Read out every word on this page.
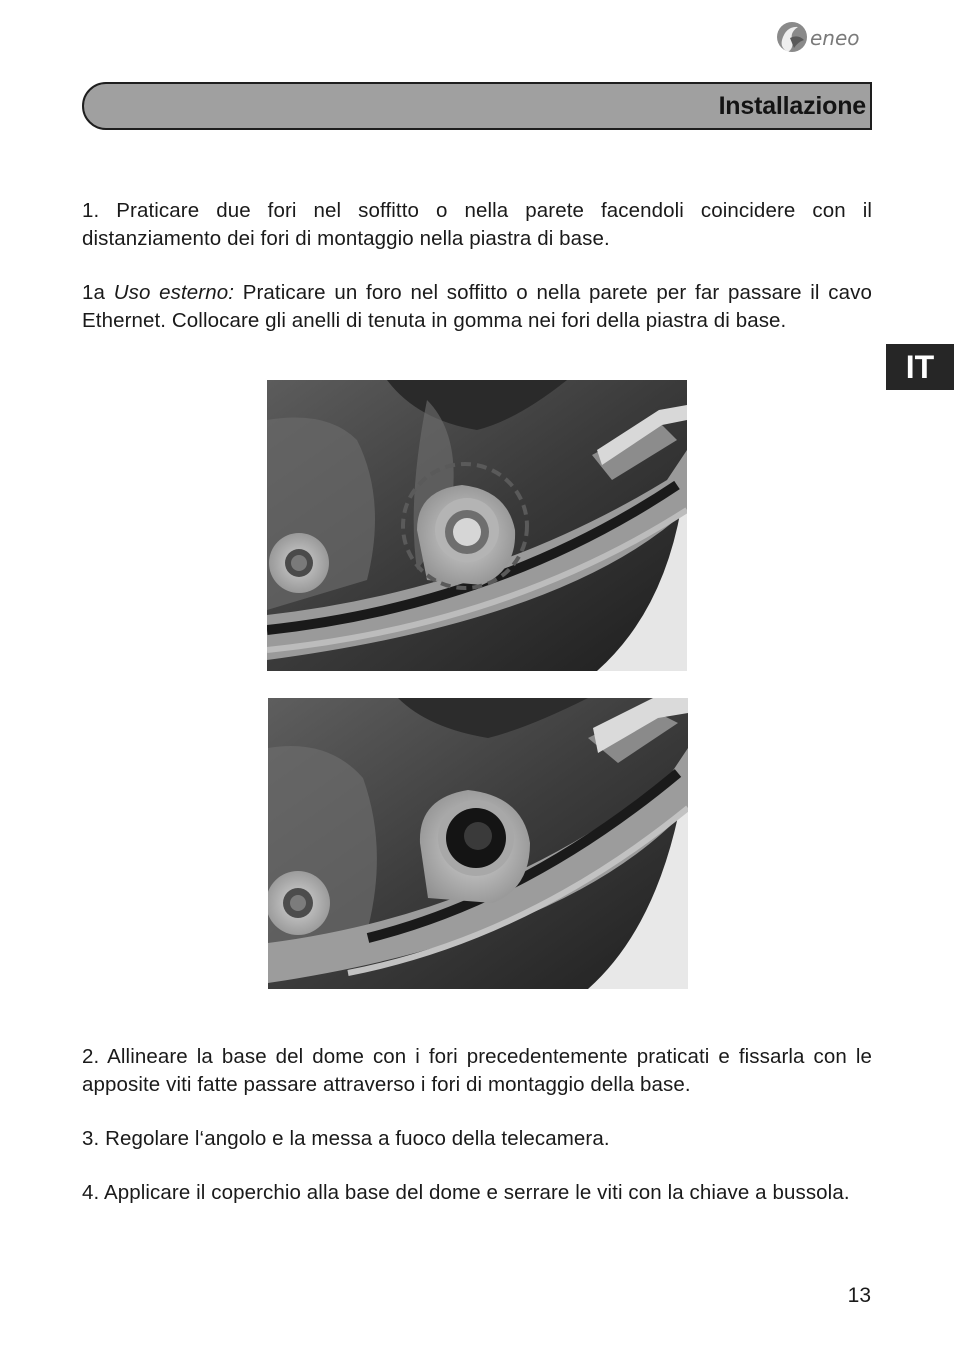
eneo
Installazione
IT

1. Praticare due fori nel soffitto o nella parete facendoli coincidere con il distanziamento dei fori di montaggio nella piastra di base.

1a Uso esterno: Praticare un foro nel soffitto o nella parete per far passare il cavo Ethernet. Collocare gli anelli di tenuta in gomma nei fori della piastra di base.

2. Allineare la base del dome con i fori precedentemente praticati e fissarla con le apposite viti fatte passare attraverso i fori di montaggio della base.

3. Regolare l‘angolo e la messa a fuoco della telecamera.

4. Applicare il coperchio alla base del dome e serrare le viti con la chiave a bussola.

13
